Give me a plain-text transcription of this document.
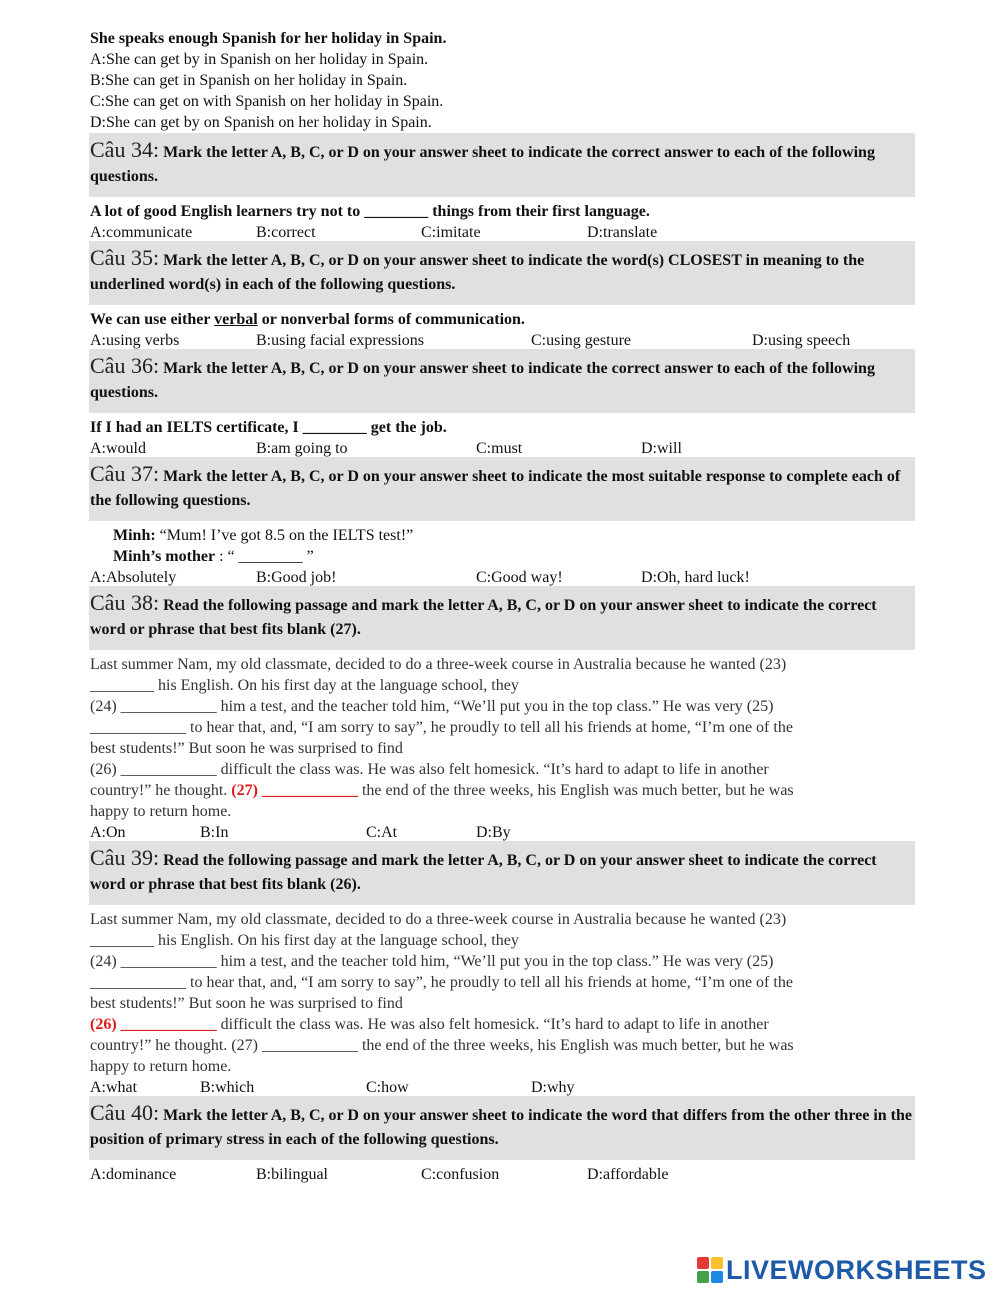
She speaks enough Spanish for her holiday in Spain.
A:She can get by in Spanish on her holiday in Spain.
B:She can get in Spanish on her holiday in Spain.
C:She can get on with Spanish on her holiday in Spain.
D:She can get by on Spanish on her holiday in Spain.
Câu 34: Mark the letter A, B, C, or D on your answer sheet to indicate the correct answer to each of the following questions.
A lot of good English learners try not to ________ things from their first language.
A:communicate	B:correct	C:imitate	D:translate
Câu 35: Mark the letter A, B, C, or D on your answer sheet to indicate the word(s) CLOSEST in meaning to the underlined word(s) in each of the following questions.
We can use either verbal or nonverbal forms of communication.
A:using verbs	B:using facial expressions	C:using gesture	D:using speech
Câu 36: Mark the letter A, B, C, or D on your answer sheet to indicate the correct answer to each of the following questions.
If I had an IELTS certificate, I ________ get the job.
A:would	B:am going to	C:must	D:will
Câu 37: Mark the letter A, B, C, or D on your answer sheet to indicate the most suitable response to complete each of the following questions.
Minh: “Mum! I’ve got 8.5 on the IELTS test!”
Minh’s mother : “ ________ ”
A:Absolutely	B:Good job!	C:Good way!	D:Oh, hard luck!
Câu 38: Read the following passage and mark the letter A, B, C, or D on your answer sheet to indicate the correct word or phrase that best fits blank (27).
Last summer Nam, my old classmate, decided to do a three-week course in Australia because he wanted (23)
________ his English. On his first day at the language school, they
(24) ____________ him a test, and the teacher told him, “We’ll put you in the top class.” He was very (25)
____________ to hear that, and, “I am sorry to say”, he proudly to tell all his friends at home, “I’m one of the
best students!” But soon he was surprised to find
(26) ____________ difficult the class was. He was also felt homesick. “It’s hard to adapt to life in another
country!” he thought. (27) ____________ the end of the three weeks, his English was much better, but he was
happy to return home.
A:On	B:In	C:At	D:By
Câu 39: Read the following passage and mark the letter A, B, C, or D on your answer sheet to indicate the correct word or phrase that best fits blank (26).
Last summer Nam, my old classmate, decided to do a three-week course in Australia because he wanted (23)
________ his English. On his first day at the language school, they
(24) ____________ him a test, and the teacher told him, “We’ll put you in the top class.” He was very (25)
____________ to hear that, and, “I am sorry to say”, he proudly to tell all his friends at home, “I’m one of the
best students!” But soon he was surprised to find
(26) ____________ difficult the class was. He was also felt homesick. “It’s hard to adapt to life in another
country!” he thought. (27) ____________ the end of the three weeks, his English was much better, but he was
happy to return home.
A:what	B:which	C:how	D:why
Câu 40: Mark the letter A, B, C, or D on your answer sheet to indicate the word that differs from the other three in the position of primary stress in each of the following questions.
A:dominance	B:bilingual	C:confusion	D:affordable
LIVEWORKSHEETS
